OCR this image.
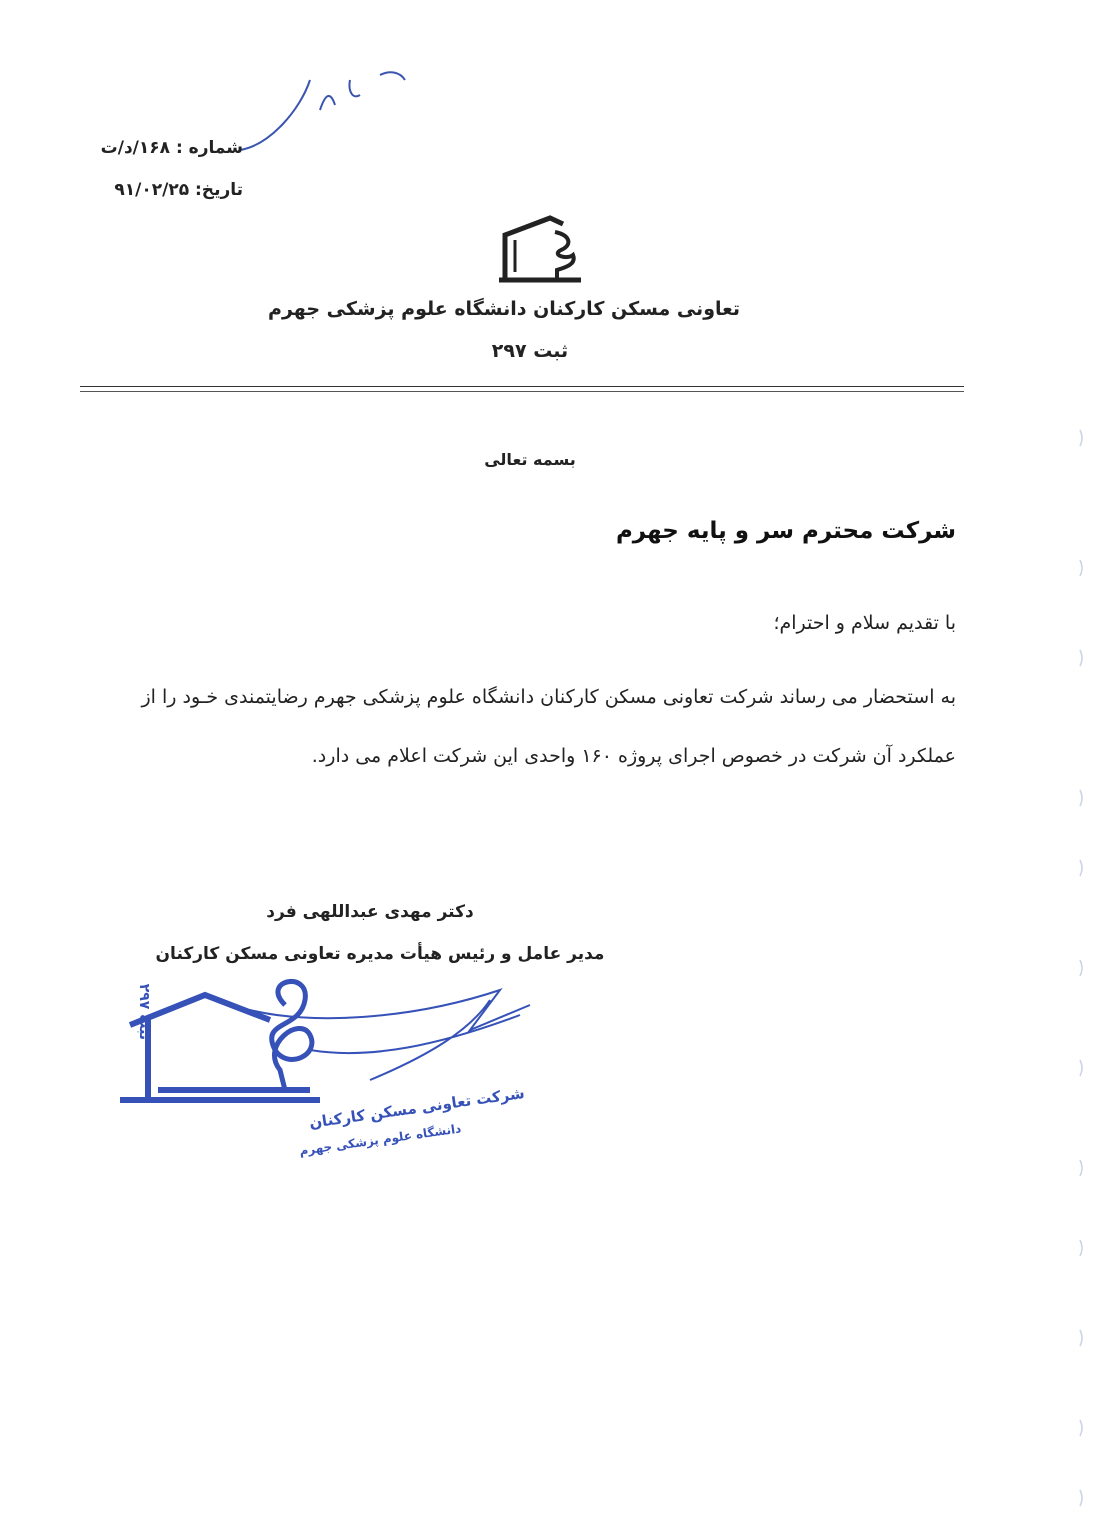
شماره : ۱۶۸/د/ت
تاریخ: ۹۱/۰۲/۲۵
تعاونی مسکن کارکنان دانشگاه علوم پزشکی جهرم
ثبت ۲۹۷
بسمه تعالی
شرکت محترم سر و پایه جهرم
با تقدیم سلام و احترام؛
به استحضار می رساند شرکت تعاونی مسکن کارکنان دانشگاه علوم پزشکی جهرم رضایتمندی خـود را از
عملکرد آن شرکت در خصوص اجرای پروژه ۱۶۰ واحدی این شرکت اعلام می دارد.
دکتر مهدی عبداللهی فرد
مدیر عامل و رئیس هیأت مدیره تعاونی مسکن کارکنان
ثبت ۲۹۷
شرکت تعاونی مسکن کارکنان
دانشگاه علوم پزشکی جهرم
